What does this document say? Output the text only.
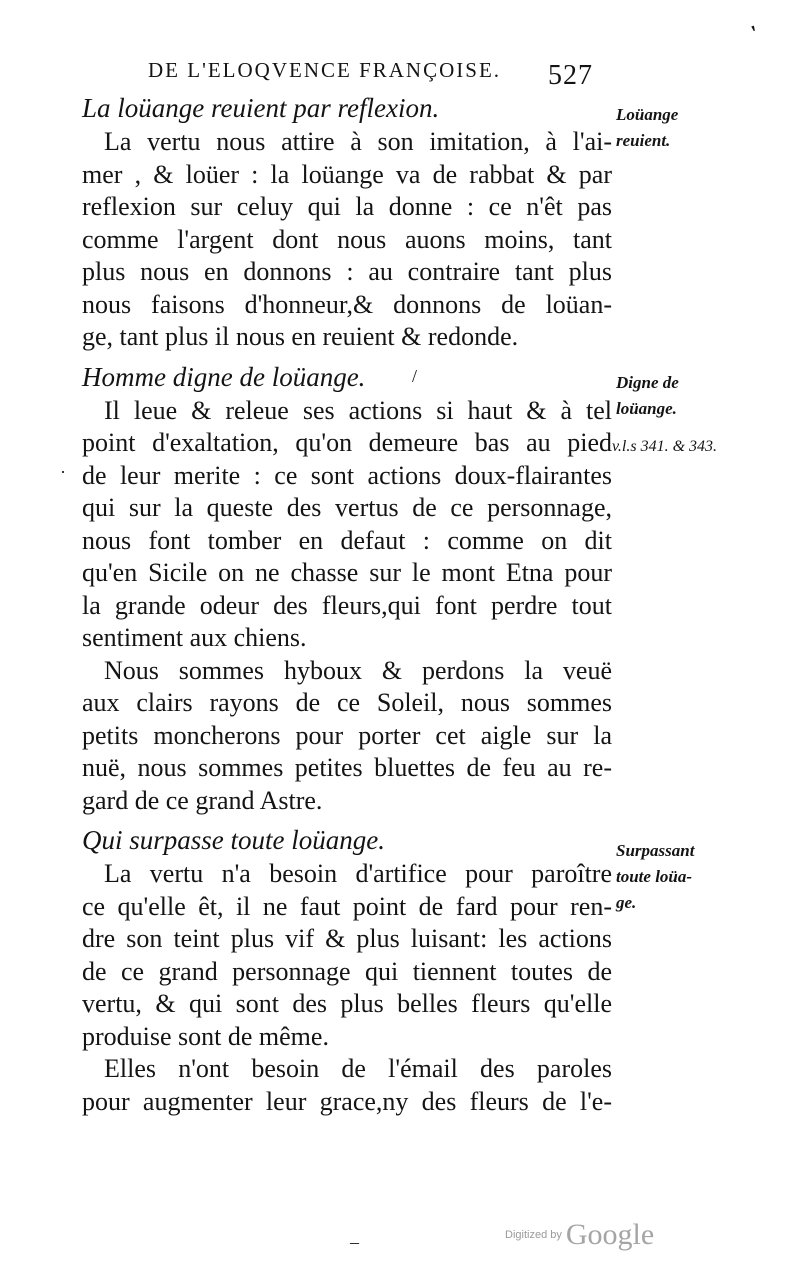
'
DE L'ELOQVENCE FRANÇOISE. 527
La loüange reuient par reflexion.
La vertu nous attire à son imitation, à l'ai-
mer , & loüer : la loüange va de rabbat & par
reflexion sur celuy qui la donne : ce n'êt pas
comme l'argent dont nous auons moins, tant
plus nous en donnons : au contraire tant plus
nous faisons d'honneur,& donnons de loüan-
ge, tant plus il nous en reuient & redonde.
Homme digne de loüange.
Il leue & releue ses actions si haut & à tel
point d'exaltation, qu'on demeure bas au pied
de leur merite : ce sont actions doux-flairantes
qui sur la queste des vertus de ce personnage,
nous font tomber en defaut : comme on dit
qu'en Sicile on ne chasse sur le mont Etna pour
la grande odeur des fleurs,qui font perdre tout
sentiment aux chiens.
Nous sommes hyboux & perdons la veuë
aux clairs rayons de ce Soleil, nous sommes
petits moncherons pour porter cet aigle sur la
nuë, nous sommes petites bluettes de feu au re-
gard de ce grand Astre.
Qui surpasse toute loüange.
La vertu n'a besoin d'artifice pour paroître
ce qu'elle êt, il ne faut point de fard pour ren-
dre son teint plus vif & plus luisant: les actions
de ce grand personnage qui tiennent toutes de
vertu, & qui sont des plus belles fleurs qu'elle
produise sont de même.
Elles n'ont besoin de l'émail des paroles
pour augmenter leur grace,ny des fleurs de l'e-
Loüange
reuient.
Digne de
loüange.
v.l.s 341. & 343.
Surpassant
toute loüa-
ge.
·
/
–	Digitized by Google
